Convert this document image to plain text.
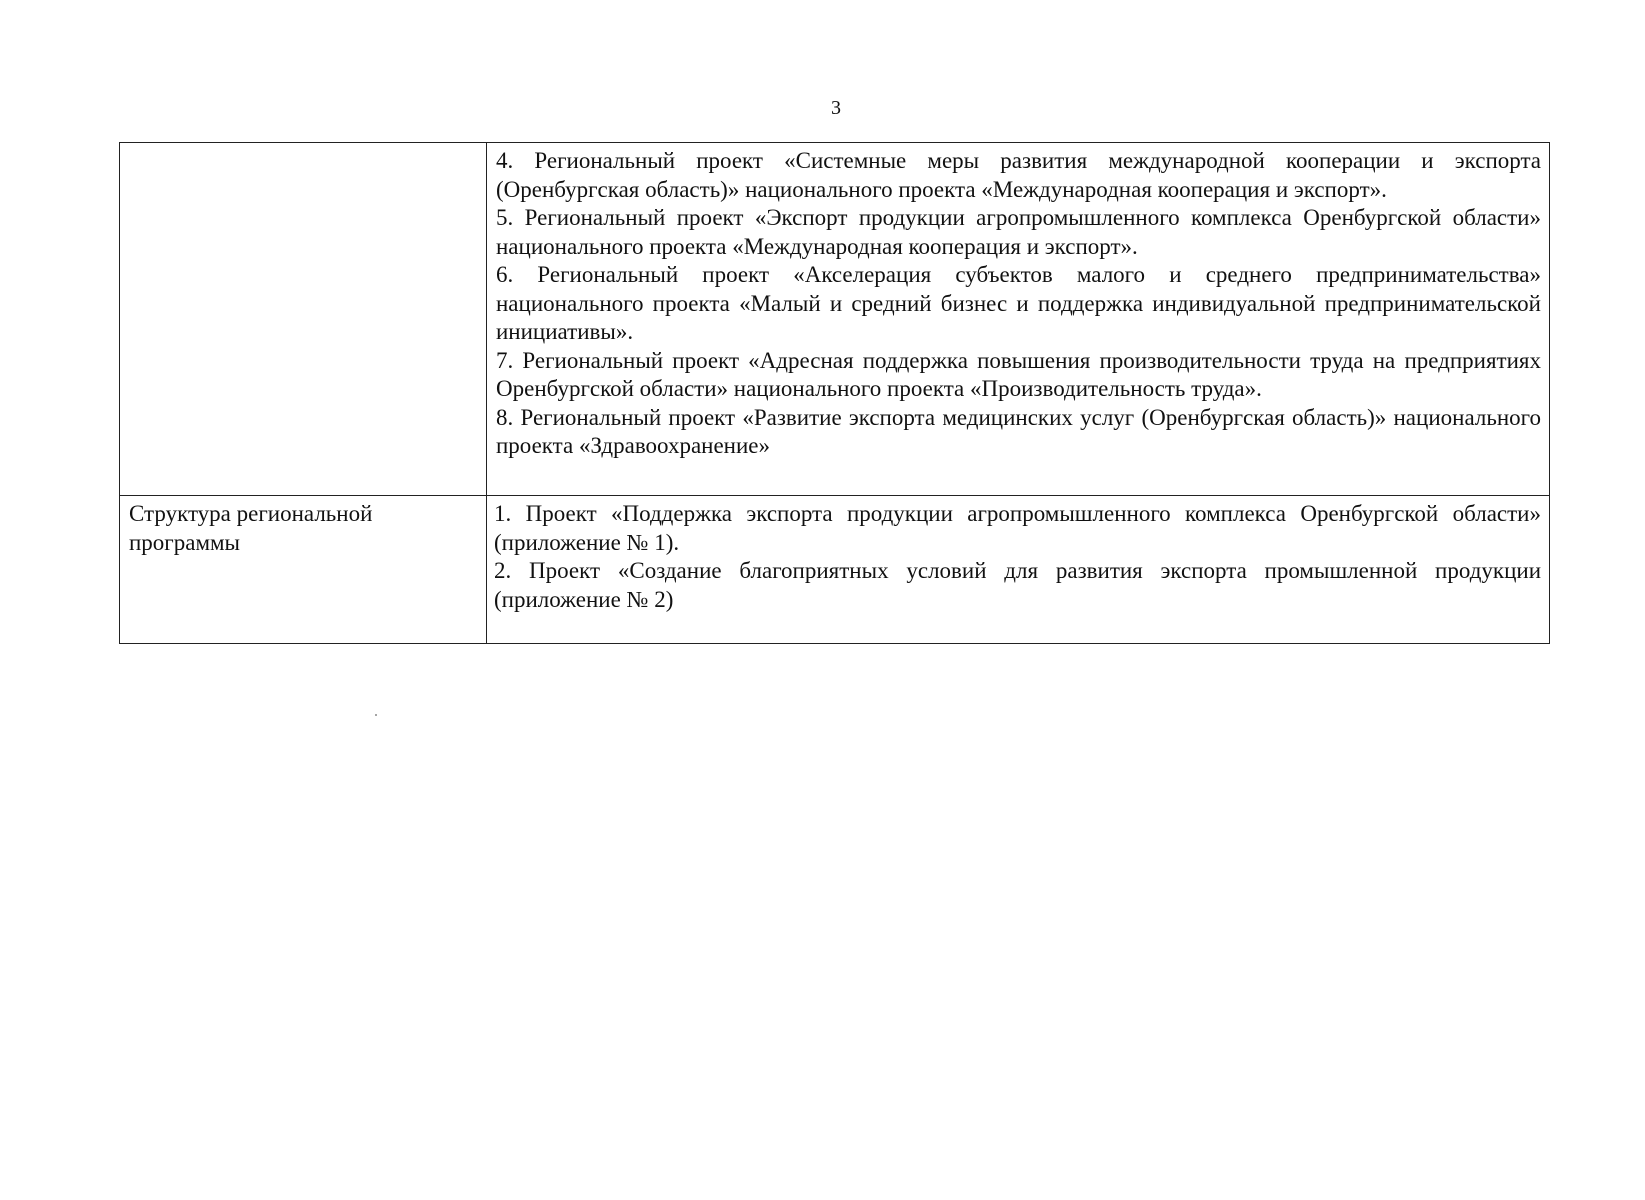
3

	4. Региональный проект «Системные меры развития международной кооперации и экспорта (Оренбургская область)» национального проекта «Международная кооперация и экспорт».

5. Региональный проект «Экспорт продукции агропромышленного комплекса Оренбургской области» национального проекта «Международная кооперация и экспорт».

6. Региональный проект «Акселерация субъектов малого и среднего предпринимательства» национального проекта «Малый и средний бизнес и поддержка индивидуальной предпринимательской инициативы».

7. Региональный проект «Адресная поддержка повышения производительности труда на предприятиях Оренбургской области» национального проекта «Производительность труда».

8. Региональный проект «Развитие экспорта медицинских услуг (Оренбургская область)» национального проекта «Здравоохранение»

Структура региональной программы	1. Проект «Поддержка экспорта продукции агропромышленного комплекса Оренбургской области» (приложение № 1).

2. Проект «Создание благоприятных условий для развития экспорта промышленной продукции (приложение № 2)
